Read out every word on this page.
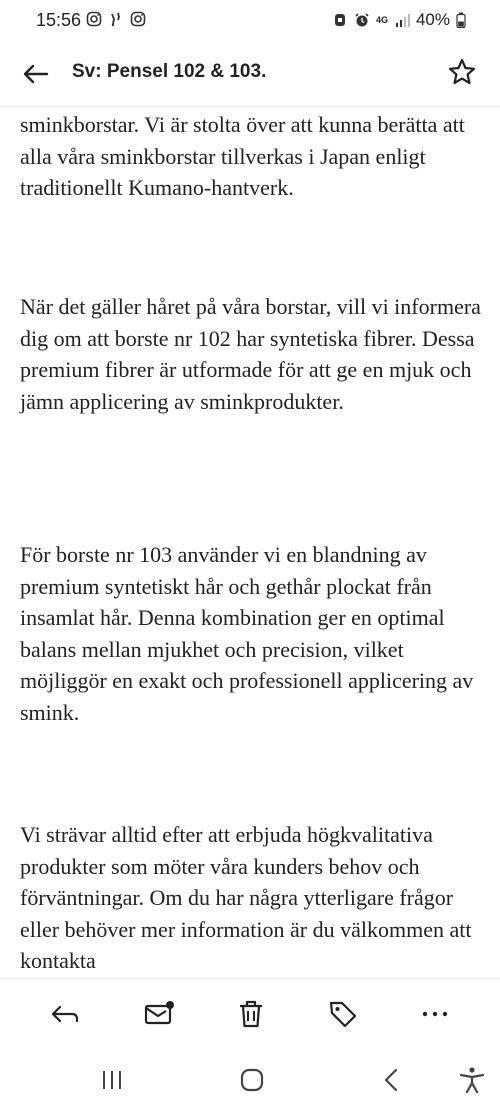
15:56	4G 40%
Sv: Pensel 102 & 103.

sminkborstar. Vi är stolta över att kunna berätta att alla våra sminkborstar tillverkas i Japan enligt traditionellt Kumano-hantverk.

När det gäller håret på våra borstar, vill vi informera dig om att borste nr 102 har syntetiska fibrer. Dessa premium fibrer är utformade för att ge en mjuk och jämn applicering av sminkprodukter.

För borste nr 103 använder vi en blandning av premium syntetiskt hår och gethår plockat från insamlat hår. Denna kombination ger en optimal balans mellan mjukhet och precision, vilket möjliggör en exakt och professionell applicering av smink.

Vi strävar alltid efter att erbjuda högkvalitativa produkter som möter våra kunders behov och förväntningar. Om du har några ytterligare frågor eller behöver mer information är du välkommen att kontakta
